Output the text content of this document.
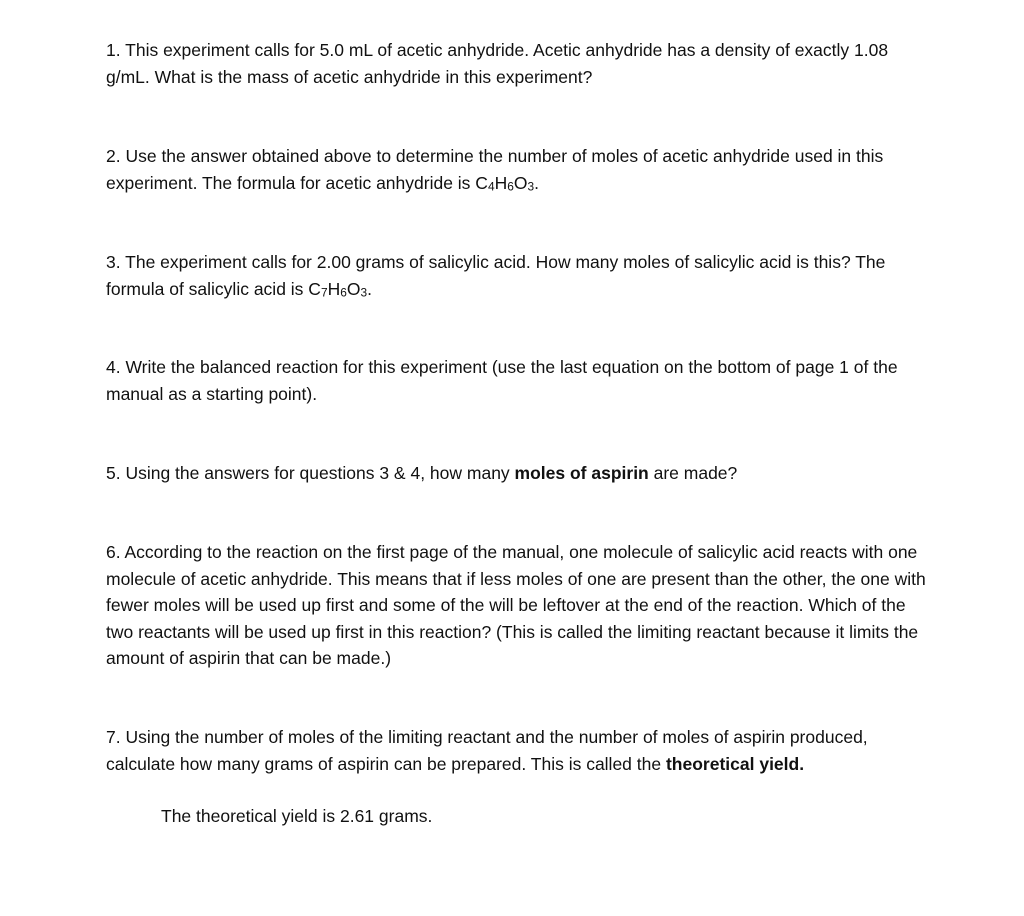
1. This experiment calls for 5.0 mL of acetic anhydride. Acetic anhydride has a density of exactly 1.08 g/mL. What is the mass of acetic anhydride in this experiment?

2. Use the answer obtained above to determine the number of moles of acetic anhydride used in this experiment. The formula for acetic anhydride is $C_4H_6O_3$.

3. The experiment calls for 2.00 grams of salicylic acid. How many moles of salicylic acid is this? The formula of salicylic acid is $C_7H_6O_3$.

4. Write the balanced reaction for this experiment (use the last equation on the bottom of page 1 of the manual as a starting point).

5. Using the answers for questions 3 & 4, how many moles of aspirin are made?

6. According to the reaction on the first page of the manual, one molecule of salicylic acid reacts with one molecule of acetic anhydride. This means that if less moles of one are present than the other, the one with fewer moles will be used up first and some of the will be leftover at the end of the reaction. Which of the two reactants will be used up first in this reaction? (This is called the limiting reactant because it limits the amount of aspirin that can be made.)

7. Using the number of moles of the limiting reactant and the number of moles of aspirin produced, calculate how many grams of aspirin can be prepared. This is called the theoretical yield.

The theoretical yield is 2.61 grams.
